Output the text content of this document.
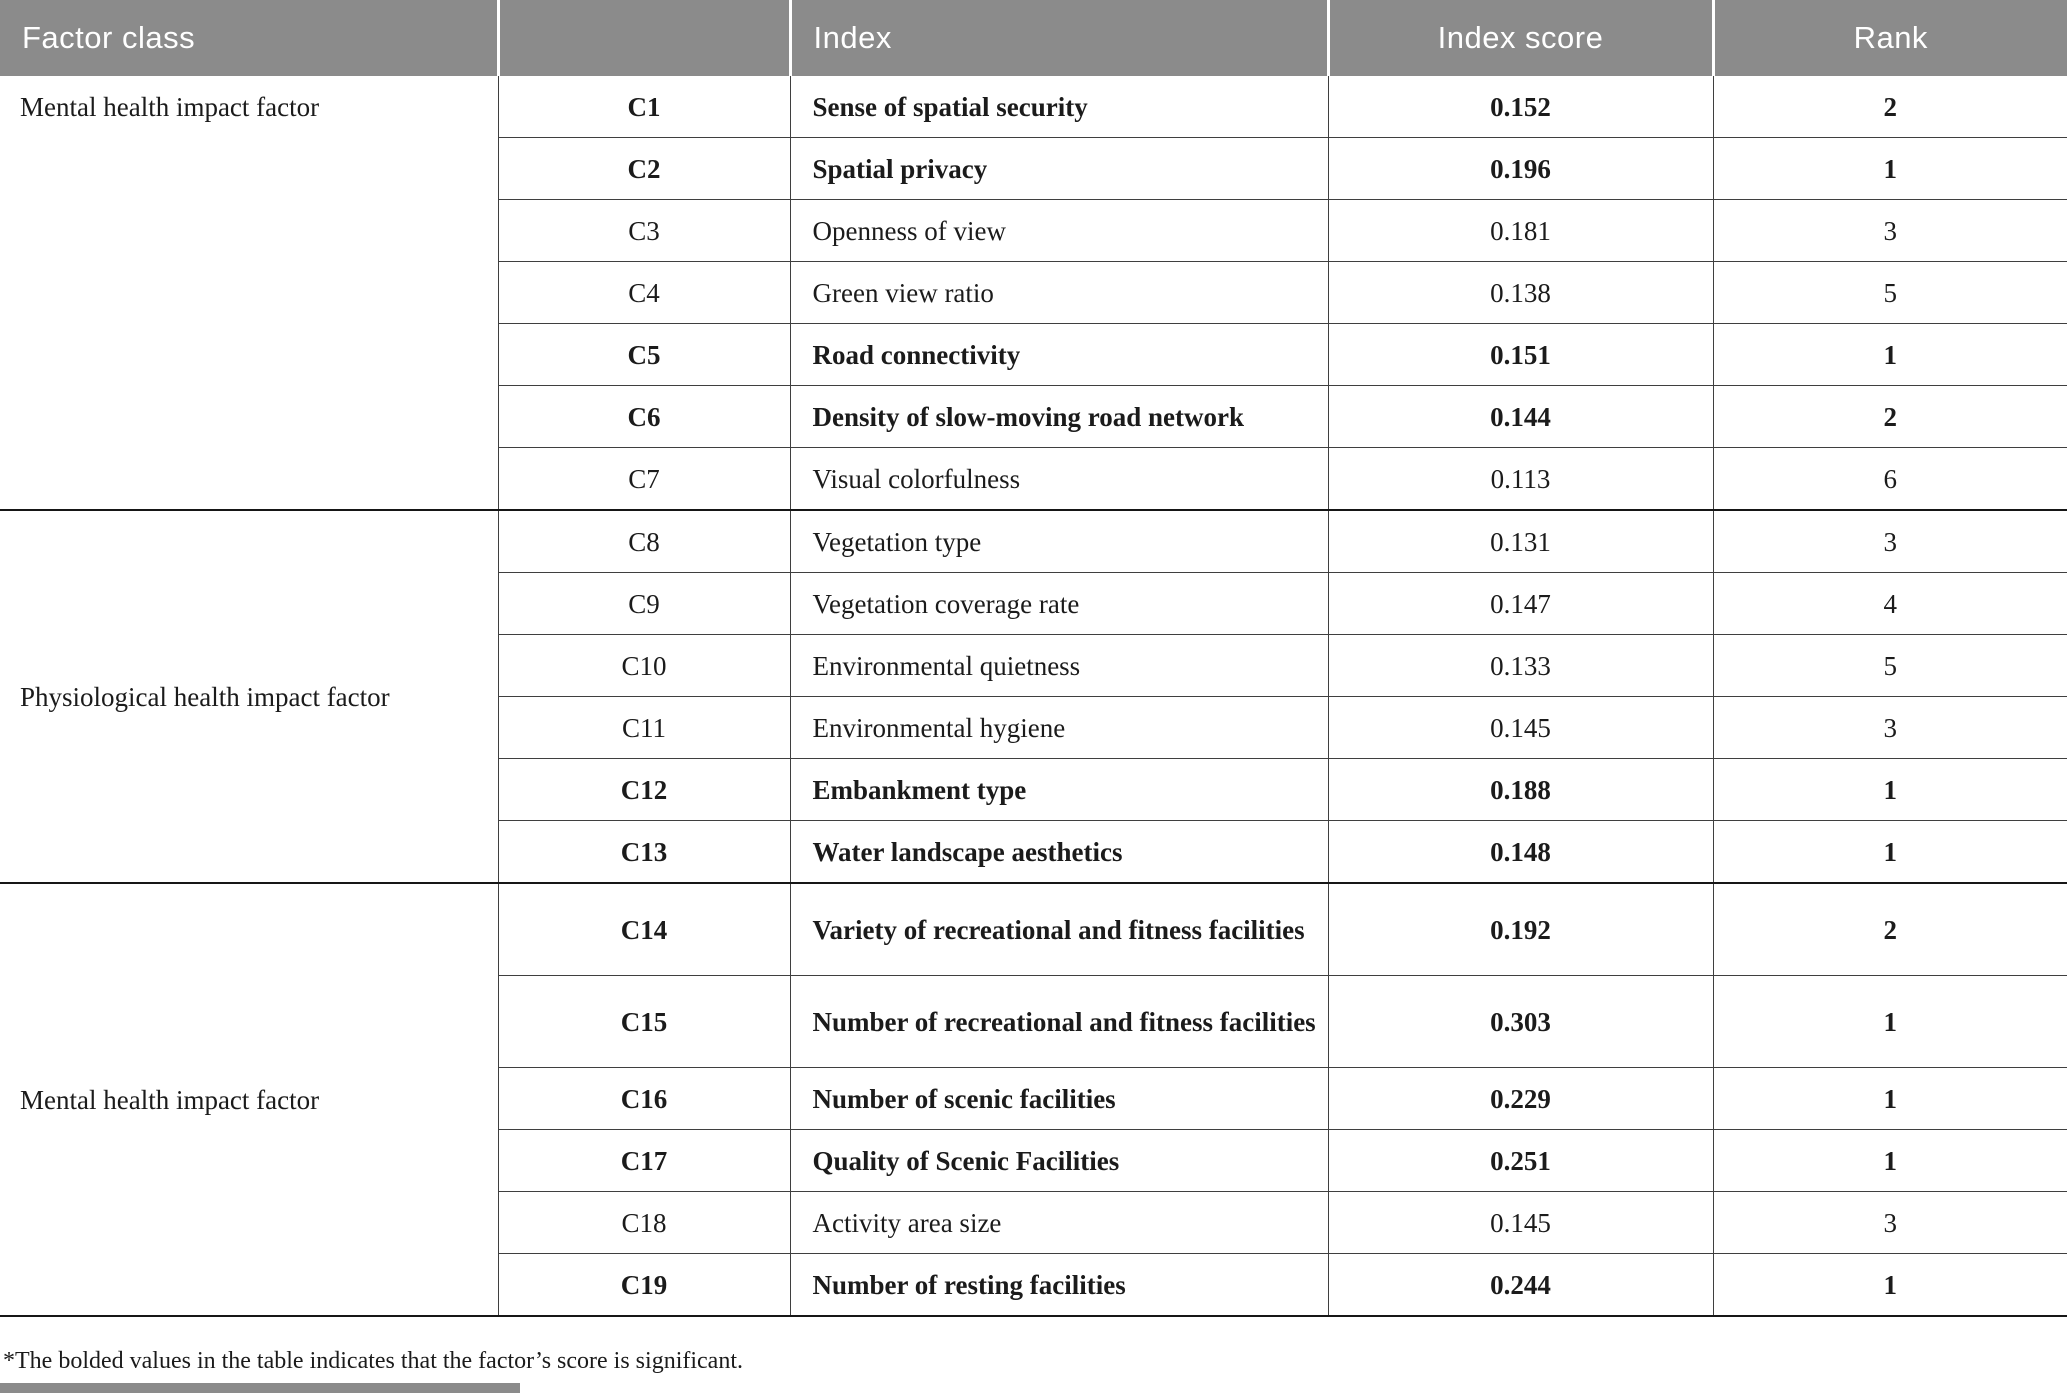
Factor class		Index	Index score	Rank
Mental health impact factor	C1	Sense of spatial security	0.152	2
	C2	Spatial privacy	0.196	1
	C3	Openness of view	0.181	3
	C4	Green view ratio	0.138	5
	C5	Road connectivity	0.151	1
	C6	Density of slow-moving road network	0.144	2
	C7	Visual colorfulness	0.113	6
Physiological health impact factor	C8	Vegetation type	0.131	3
	C9	Vegetation coverage rate	0.147	4
	C10	Environmental quietness	0.133	5
	C11	Environmental hygiene	0.145	3
	C12	Embankment type	0.188	1
	C13	Water landscape aesthetics	0.148	1
Mental health impact factor	C14	Variety of recreational and fitness facilities	0.192	2
	C15	Number of recreational and fitness facilities	0.303	1
	C16	Number of scenic facilities	0.229	1
	C17	Quality of Scenic Facilities	0.251	1
	C18	Activity area size	0.145	3
	C19	Number of resting facilities	0.244	1
*The bolded values in the table indicates that the factor’s score is significant.
